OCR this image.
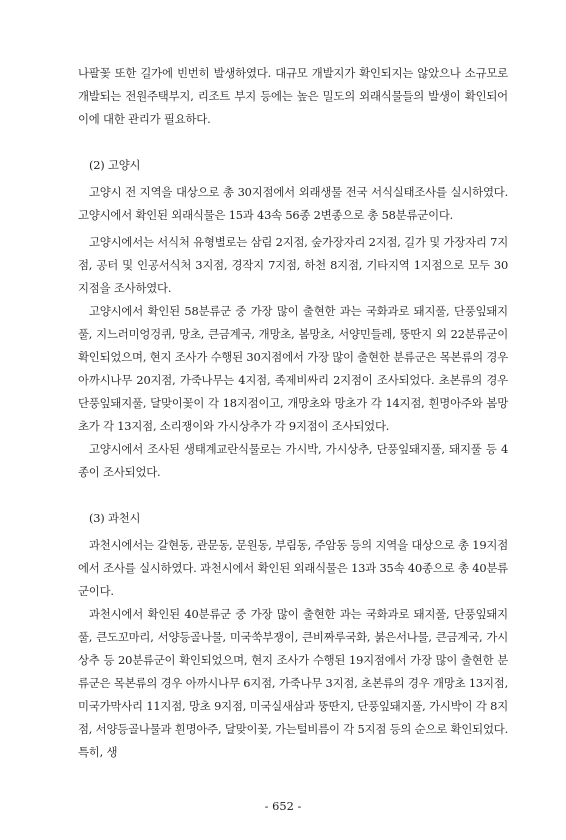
나팔꽃 또한 길가에 빈번히 발생하였다. 대규모 개발지가 확인되지는 않았으나 소규모로 개발되는 전원주택부지, 리조트 부지 등에는 높은 밀도의 외래식물들의 발생이 확인되어 이에 대한 관리가 필요하다.

(2) 고양시

고양시 전 지역을 대상으로 총 30지점에서 외래생물 전국 서식실태조사를 실시하였다. 고양시에서 확인된 외래식물은 15과 43속 56종 2변종으로 총 58분류군이다.

고양시에서는 서식처 유형별로는 삼림 2지점, 숲가장자리 2지점, 길가 및 가장자리 7지점, 공터 및 인공서식처 3지점, 경작지 7지점, 하천 8지점, 기타지역 1지점으로 모두 30지점을 조사하였다.

고양시에서 확인된 58분류군 중 가장 많이 출현한 과는 국화과로 돼지풀, 단풍잎돼지풀, 지느러미엉겅퀴, 망초, 큰금계국, 개망초, 봄망초, 서양민들레, 뚱딴지 외 22분류군이 확인되었으며, 현지 조사가 수행된 30지점에서 가장 많이 출현한 분류군은 목본류의 경우 아까시나무 20지점, 가죽나무는 4지점, 족제비싸리 2지점이 조사되었다. 초본류의 경우 단풍잎돼지풀, 달맞이꽃이 각 18지점이고, 개망초와 망초가 각 14지점, 흰명아주와 봄망초가 각 13지점, 소리쟁이와 가시상추가 각 9지점이 조사되었다.

고양시에서 조사된 생태계교란식물로는 가시박, 가시상추, 단풍잎돼지풀, 돼지풀 등 4종이 조사되었다.

(3) 과천시

과천시에서는 갈현동, 관문동, 문원동, 부림동, 주암동 등의 지역을 대상으로 총 19지점에서 조사를 실시하였다. 과천시에서 확인된 외래식물은 13과 35속 40종으로 총 40분류군이다.

과천시에서 확인된 40분류군 중 가장 많이 출현한 과는 국화과로 돼지풀, 단풍잎돼지풀, 큰도꼬마리, 서양등골나물, 미국쑥부쟁이, 큰비짜루국화, 붉은서나물, 큰금계국, 가시상추 등 20분류군이 확인되었으며, 현지 조사가 수행된 19지점에서 가장 많이 출현한 분류군은 목본류의 경우 아까시나무 6지점, 가죽나무 3지점, 초본류의 경우 개망초 13지점, 미국가막사리 11지점, 망초 9지점, 미국실새삼과 뚱딴지, 단풍잎돼지풀, 가시박이 각 8지점, 서양등골나물과 흰명아주, 달맞이꽃, 가는털비름이 각 5지점 등의 순으로 확인되었다. 특히, 생

- 652 -
